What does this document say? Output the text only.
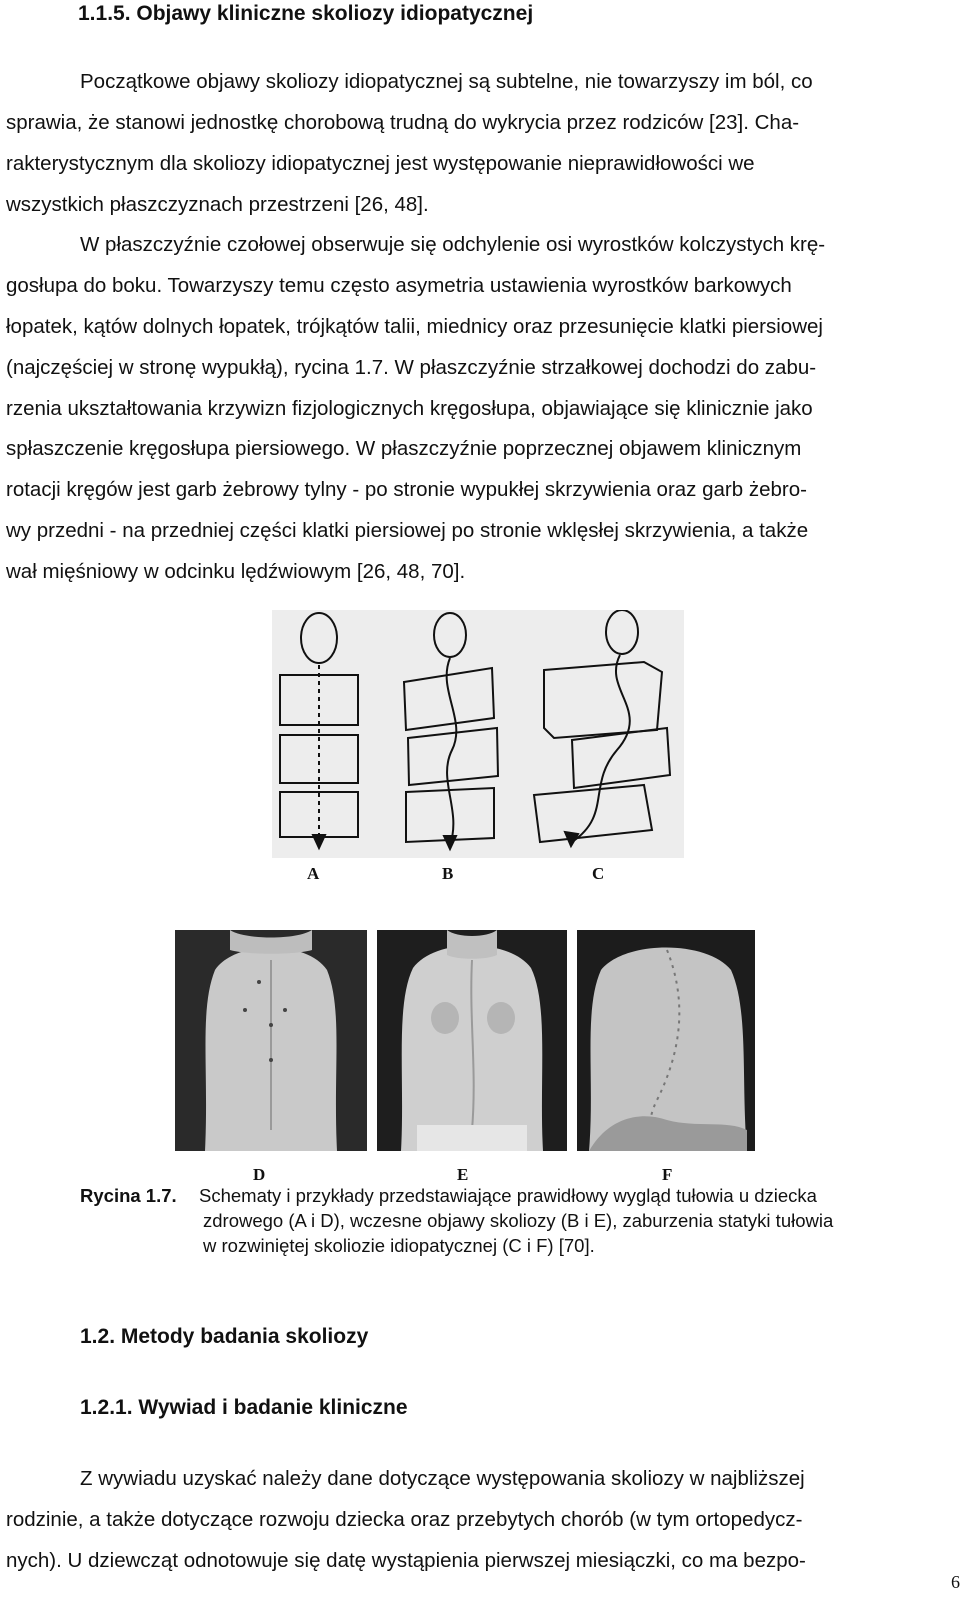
1.1.5. Objawy kliniczne skoliozy idiopatycznej

Początkowe objawy skoliozy idiopatycznej są subtelne, nie towarzyszy im ból, co

sprawia, że stanowi jednostkę chorobową trudną do wykrycia przez rodziców [23]. Cha-

rakterystycznym dla skoliozy idiopatycznej jest występowanie nieprawidłowości we

wszystkich płaszczyznach przestrzeni [26, 48].

W płaszczyźnie czołowej obserwuje się odchylenie osi wyrostków kolczystych krę-

gosłupa do boku. Towarzyszy temu często asymetria ustawienia wyrostków barkowych

łopatek, kątów dolnych łopatek, trójkątów talii, miednicy oraz przesunięcie klatki piersiowej

(najczęściej w stronę wypukłą), rycina 1.7. W płaszczyźnie strzałkowej dochodzi do zabu-

rzenia ukształtowania krzywizn fizjologicznych kręgosłupa, objawiające się klinicznie jako

spłaszczenie kręgosłupa piersiowego. W płaszczyźnie poprzecznej objawem klinicznym

rotacji kręgów jest garb żebrowy tylny - po stronie wypukłej skrzywienia oraz garb żebro-

wy przedni - na przedniej części klatki piersiowej po stronie wklęsłej skrzywienia, a także

wał mięśniowy w odcinku lędźwiowym [26, 48, 70].

A	B	C
D	E	F

Rycina 1.7. Schematy i przykłady przedstawiające prawidłowy wygląd tułowia u dziecka

zdrowego (A i D), wczesne objawy skoliozy (B i E), zaburzenia statyki tułowia

w rozwiniętej skoliozie idiopatycznej (C i F) [70].

1.2. Metody badania skoliozy
1.2.1. Wywiad i badanie kliniczne

Z wywiadu uzyskać należy dane dotyczące występowania skoliozy w najbliższej

rodzinie, a także dotyczące rozwoju dziecka oraz przebytych chorób (w tym ortopedycz-

nych). U dziewcząt odnotowuje się datę wystąpienia pierwszej miesiączki, co ma bezpo-

6
